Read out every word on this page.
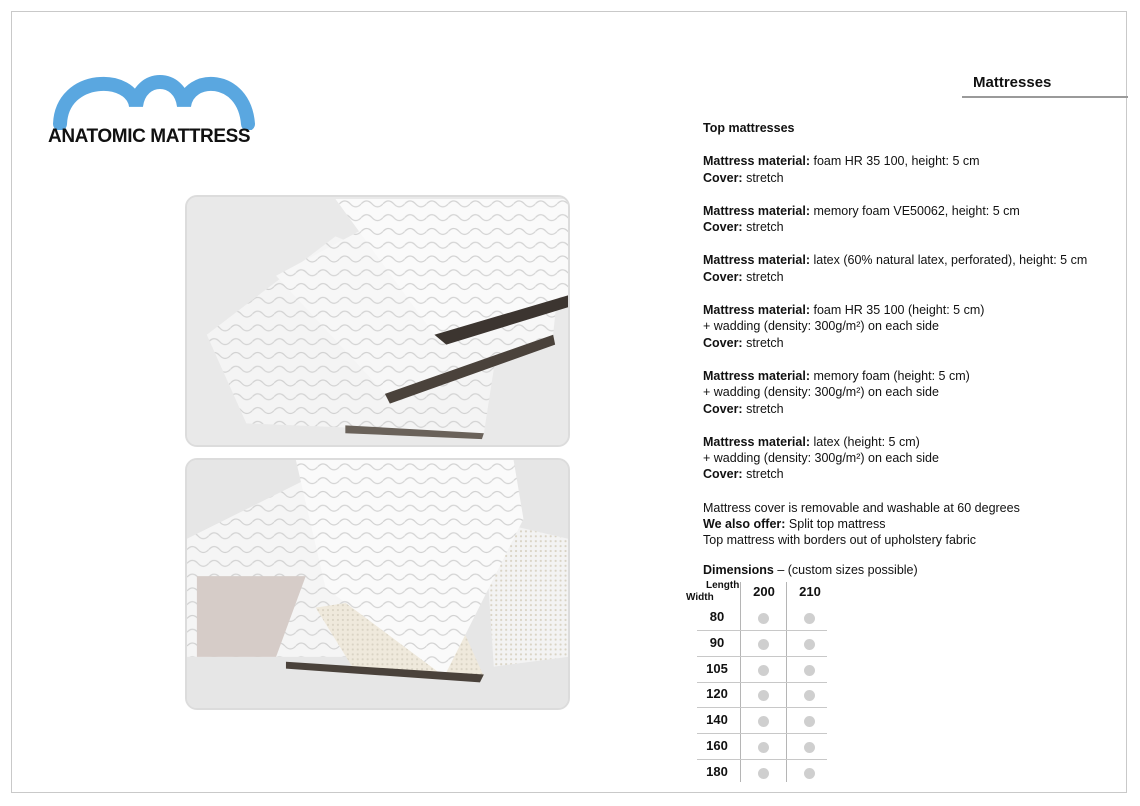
ANATOMIC MATTRESS
Mattresses

Top mattresses

Mattress material: foam HR 35 100, height: 5 cm
Cover: stretch

Mattress material: memory foam VE50062, height: 5 cm
Cover: stretch

Mattress material: latex (60% natural latex, perforated), height: 5 cm
Cover: stretch

Mattress material: foam HR 35 100 (height: 5 cm)
+ wadding (density: 300g/m²) on each side
Cover: stretch

Mattress material: memory foam (height: 5 cm)
+ wadding (density: 300g/m²) on each side
Cover: stretch

Mattress material: latex (height: 5 cm)
+ wadding (density: 300g/m²) on each side
Cover: stretch

Mattress cover is removable and washable at 60 degrees
We also offer: Split top mattress
Top mattress with borders out of upholstery fabric

Dimensions – (custom sizes possible)
Length
Width	200	210
80
90
105
120
140
160
180
